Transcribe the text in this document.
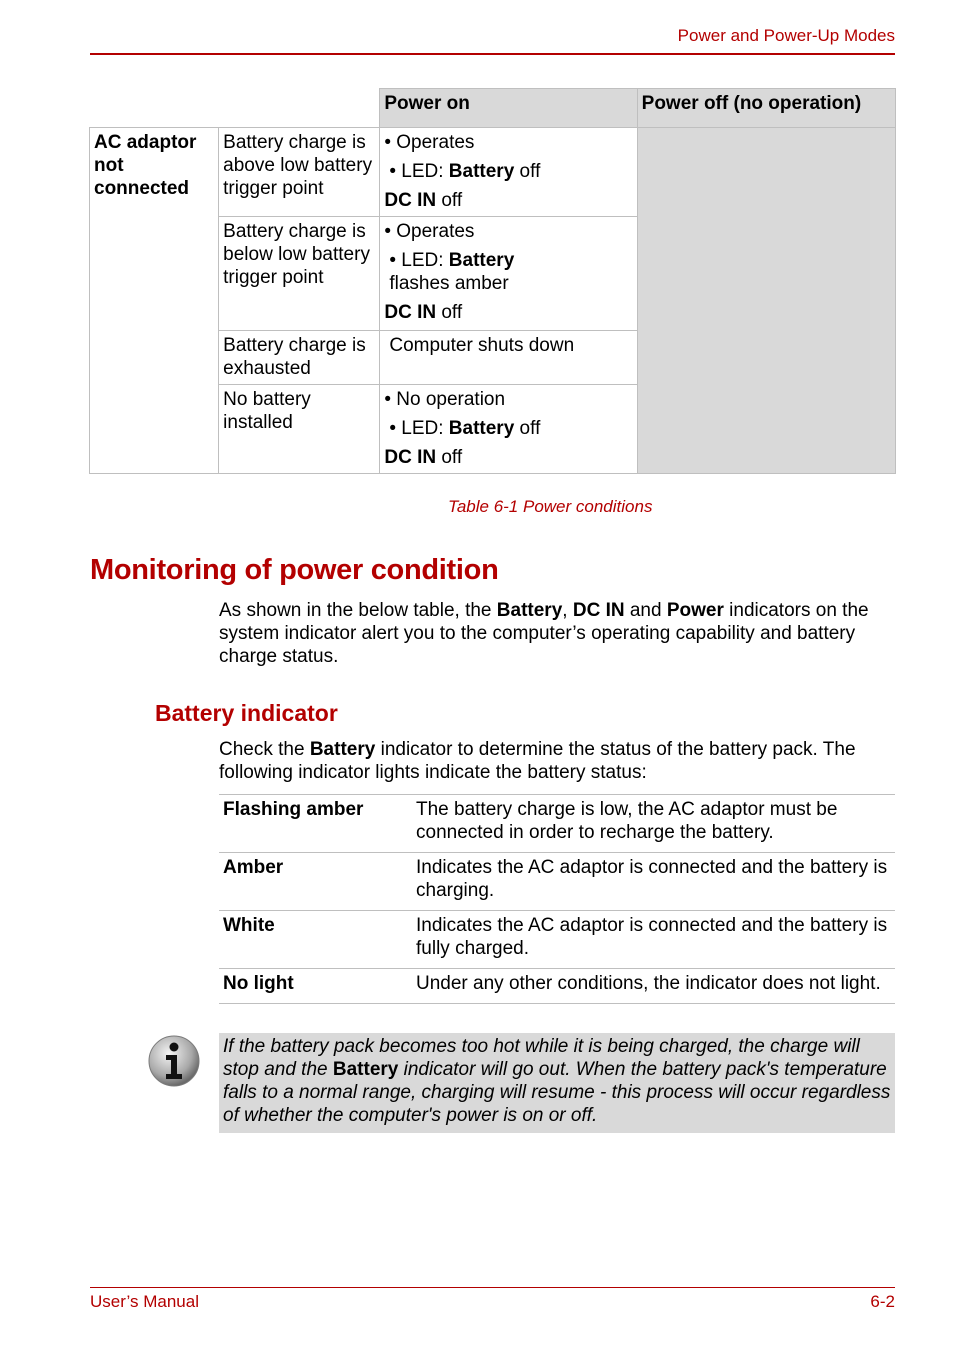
Power and Power-Up Modes
		Power on	Power off (no operation)
AC adaptor not connected	Battery charge is above low battery trigger point	• Operates
• LED: Battery off
DC IN off	

	Battery charge is below low battery trigger point	• Operates
• LED: Battery
flashes amber
DC IN off	

	Battery charge is exhausted	Computer shuts down	

	No battery installed	• No operation
• LED: Battery off
DC IN off	
Table 6-1 Power conditions
Monitoring of power condition

As shown in the below table, the Battery, DC IN and Power indicators on the system indicator alert you to the computer’s operating capability and battery charge status.

Battery indicator

Check the Battery indicator to determine the status of the battery pack. The following indicator lights indicate the battery status:

Flashing amber	The battery charge is low, the AC adaptor must be connected in order to recharge the battery.
Amber	Indicates the AC adaptor is connected and the battery is charging.
White	Indicates the AC adaptor is connected and the battery is fully charged.
No light	Under any other conditions, the indicator does not light.

If the battery pack becomes too hot while it is being charged, the charge will stop and the Battery indicator will go out. When the battery pack's temperature falls to a normal range, charging will resume - this process will occur regardless of whether the computer's power is on or off.

User’s Manual	6-2
